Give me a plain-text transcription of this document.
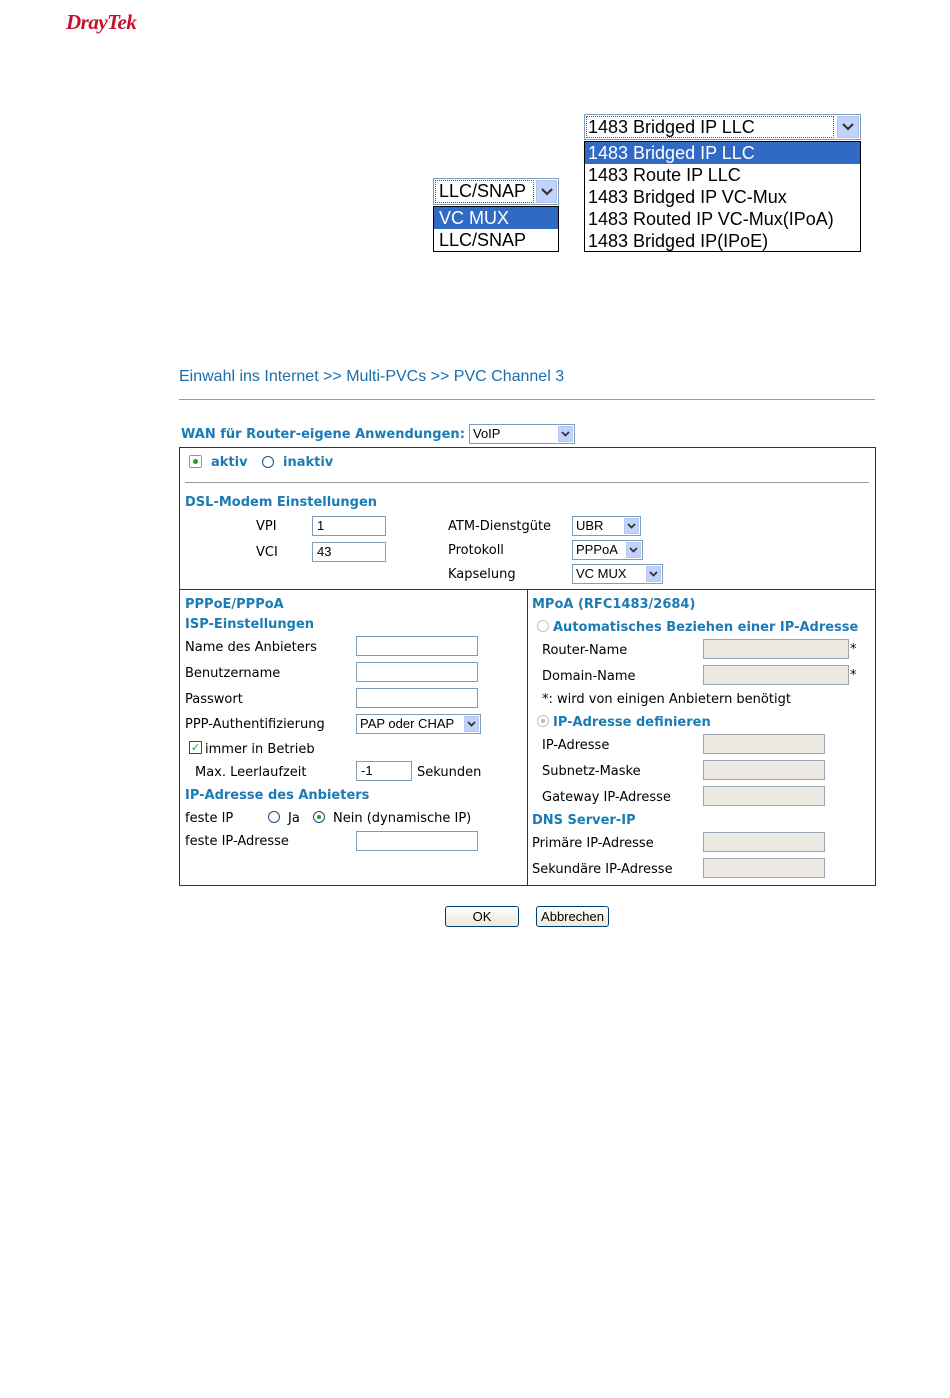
DrayTek
1483 Bridged IP LLC
1483 Bridged IP LLC
1483 Route IP LLC
1483 Bridged IP VC-Mux
1483 Routed IP VC-Mux(IPoA)
1483 Bridged IP(IPoE)
LLC/SNAP
VC MUX
LLC/SNAP
Einwahl ins Internet >> Multi-PVCs >> PVC Channel 3
WAN für Router-eigene Anwendungen: VoIP
aktiv	inaktiv
DSL-Modem Einstellungen
VPI	1
VCI	43
ATM-Dienstgüte UBR
Protokoll	PPPoA
Kapselung	VC MUX
PPPoE/PPPoA
ISP-Einstellungen
Name des Anbieters
Benutzername
Passwort
PPP-Authentifizierung	PAP oder CHAP
✓ immer in Betrieb
Max. Leerlaufzeit	-1	Sekunden
IP-Adresse des Anbieters
feste IP	Ja	Nein (dynamische IP)
feste IP-Adresse
MPoA (RFC1483/2684)
Automatisches Beziehen einer IP-Adresse
Router-Name	*
Domain-Name	*
*: wird von einigen Anbietern benötigt
IP-Adresse definieren
IP-Adresse
Subnetz-Maske
Gateway IP-Adresse
DNS Server-IP
Primäre IP-Adresse
Sekundäre IP-Adresse
OK	Abbrechen
